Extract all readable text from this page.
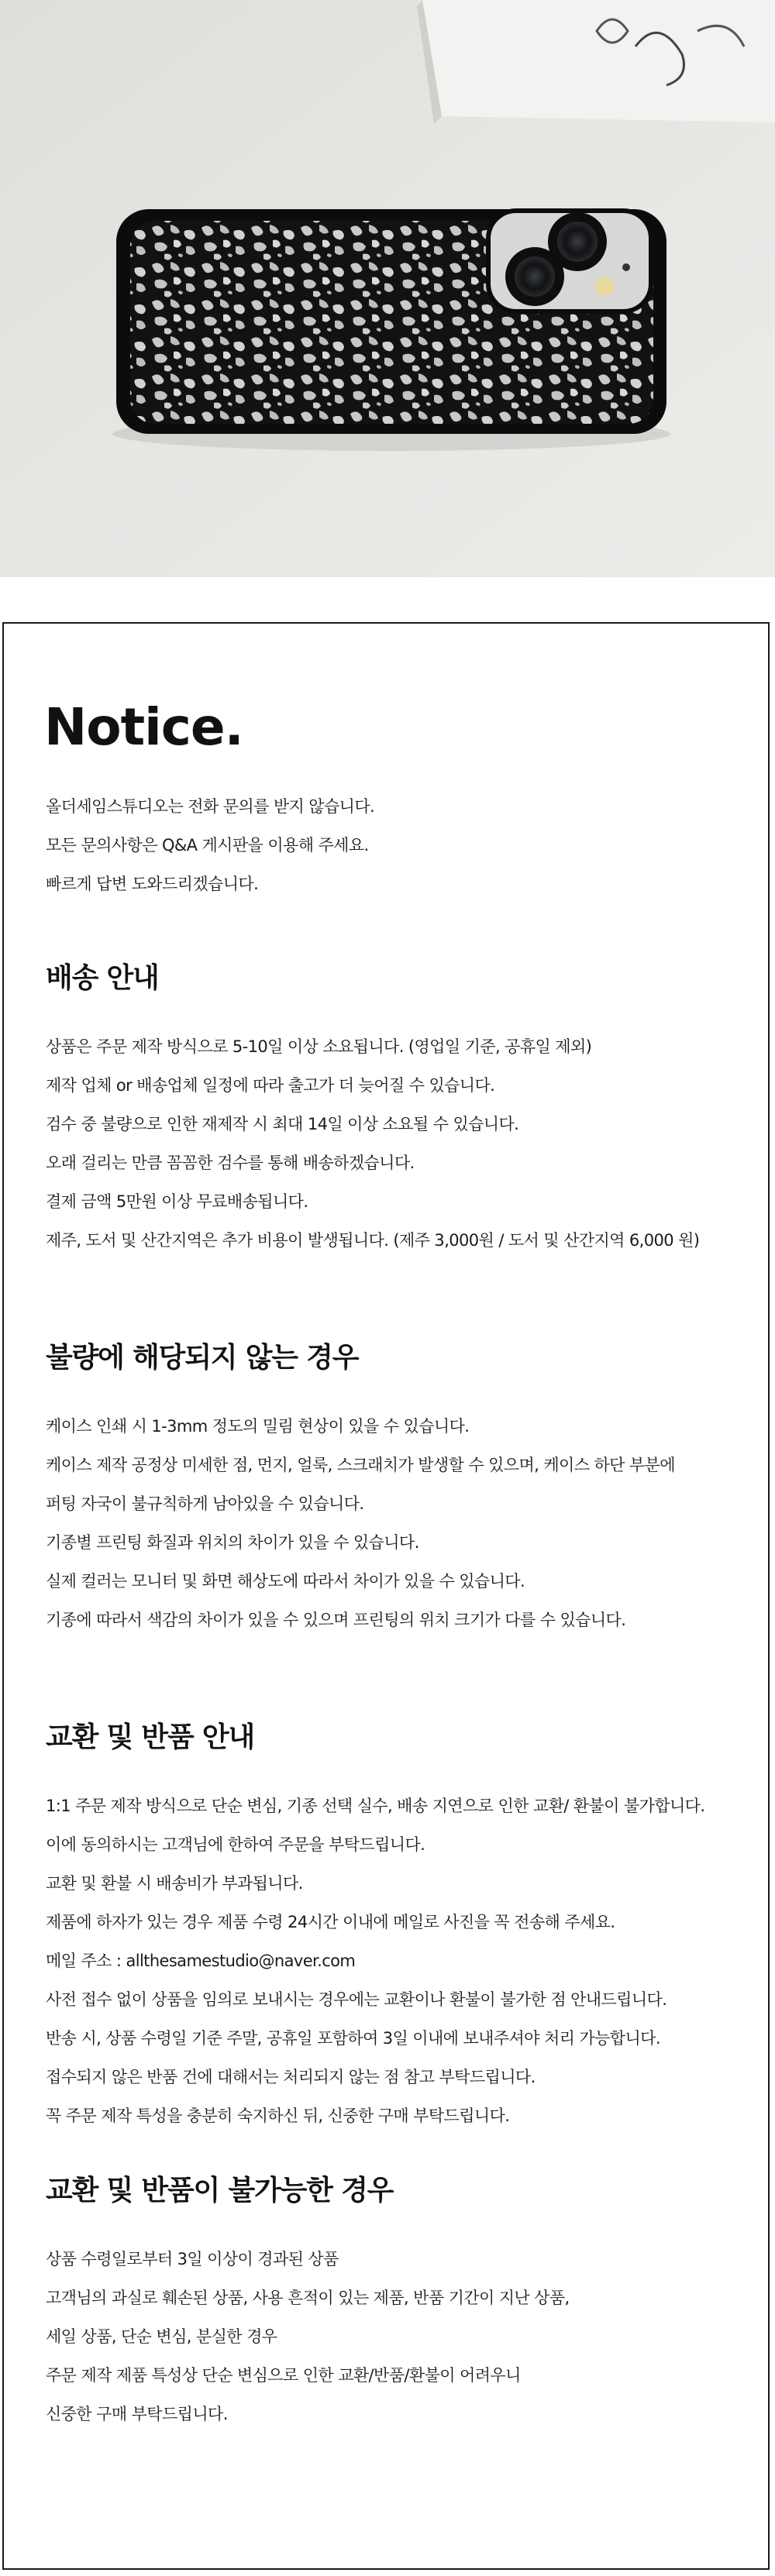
Notice.
올더세임스튜디오는 전화 문의를 받지 않습니다.
모든 문의사항은 Q&A 게시판을 이용해 주세요.
빠르게 답변 도와드리겠습니다.
배송 안내
상품은 주문 제작 방식으로 5-10일 이상 소요됩니다. (영업일 기준, 공휴일 제외)
제작 업체 or 배송업체 일정에 따라 출고가 더 늦어질 수 있습니다.
검수 중 불량으로 인한 재제작 시 최대 14일 이상 소요될 수 있습니다.
오래 걸리는 만큼 꼼꼼한 검수를 통해 배송하겠습니다.
결제 금액 5만원 이상 무료배송됩니다.
제주, 도서 및 산간지역은 추가 비용이 발생됩니다. (제주 3,000원 / 도서 및 산간지역 6,000 원)
불량에 해당되지 않는 경우
케이스 인쇄 시 1-3mm 정도의 밀림 현상이 있을 수 있습니다.
케이스 제작 공정상 미세한 점, 먼지, 얼룩, 스크래치가 발생할 수 있으며, 케이스 하단 부분에
퍼팅 자국이 불규칙하게 남아있을 수 있습니다.
기종별 프린팅 화질과 위치의 차이가 있을 수 있습니다.
실제 컬러는 모니터 및 화면 해상도에 따라서 차이가 있을 수 있습니다.
기종에 따라서 색감의 차이가 있을 수 있으며 프린팅의 위치 크기가 다를 수 있습니다.
교환 및 반품 안내
1:1 주문 제작 방식으로 단순 변심, 기종 선택 실수, 배송 지연으로 인한 교환/ 환불이 불가합니다.
이에 동의하시는 고객님에 한하여 주문을 부탁드립니다.
교환 및 환불 시 배송비가 부과됩니다.
제품에 하자가 있는 경우 제품 수령 24시간 이내에 메일로 사진을 꼭 전송해 주세요.
메일 주소 : allthesamestudio@naver.com
사전 접수 없이 상품을 임의로 보내시는 경우에는 교환이나 환불이 불가한 점 안내드립니다.
반송 시, 상품 수령일 기준 주말, 공휴일 포함하여 3일 이내에 보내주셔야 처리 가능합니다.
접수되지 않은 반품 건에 대해서는 처리되지 않는 점 참고 부탁드립니다.
꼭 주문 제작 특성을 충분히 숙지하신 뒤, 신중한 구매 부탁드립니다.
교환 및 반품이 불가능한 경우
상품 수령일로부터 3일 이상이 경과된 상품
고객님의 과실로 훼손된 상품, 사용 흔적이 있는 제품, 반품 기간이 지난 상품,
세일 상품, 단순 변심, 분실한 경우
주문 제작 제품 특성상 단순 변심으로 인한 교환/반품/환불이 어려우니
신중한 구매 부탁드립니다.
